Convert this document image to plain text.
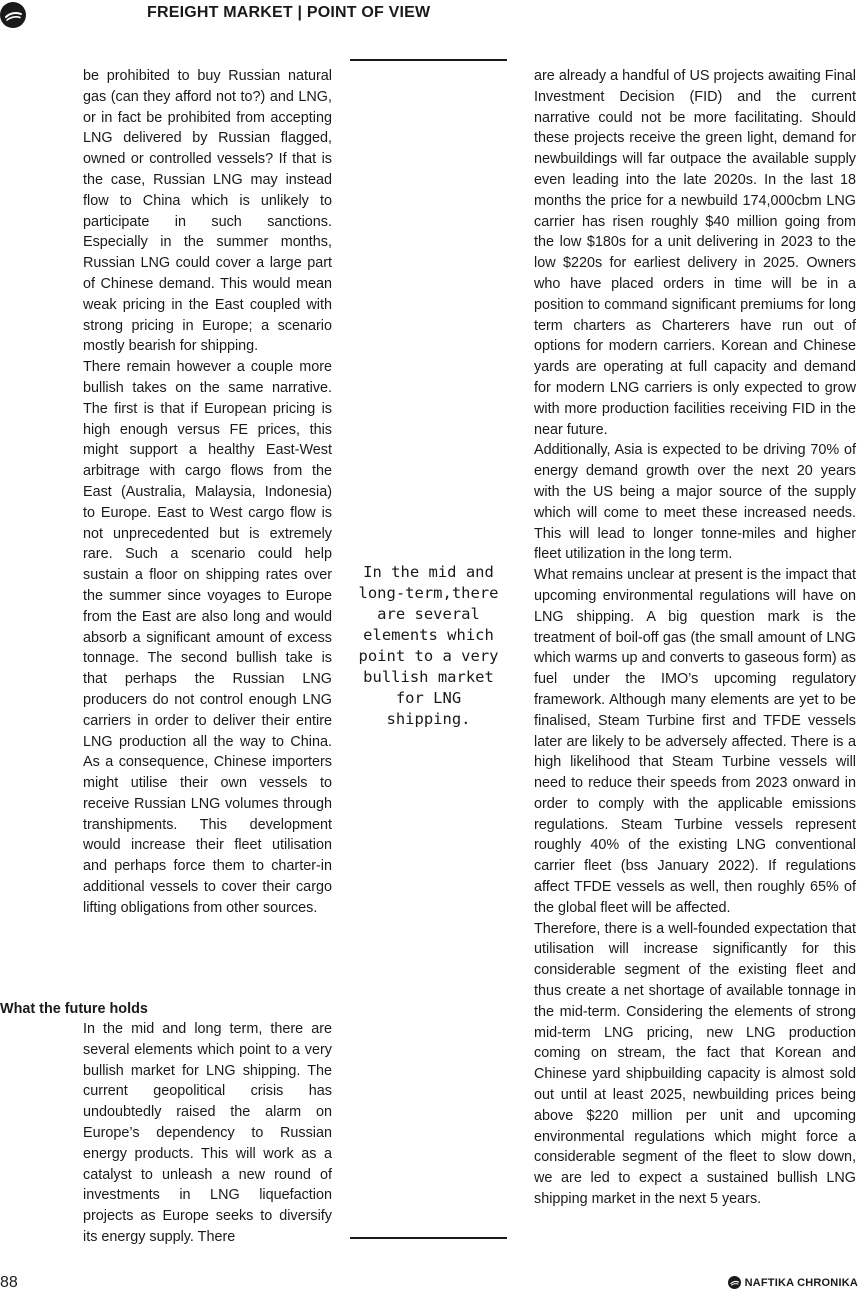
FREIGHT MARKET | POINT OF VIEW

be prohibited to buy Russian natural gas (can they afford not to?) and LNG, or in fact be prohibited from accepting LNG delivered by Russian flagged, owned or controlled vessels? If that is the case, Russian LNG may instead flow to China which is unlikely to participate in such sanctions. Especially in the summer months, Russian LNG could cover a large part of Chinese demand. This would mean weak pricing in the East coupled with strong pricing in Europe; a scenario mostly bearish for shipping.

There remain however a couple more bullish takes on the same narrative. The first is that if European pricing is high enough versus FE prices, this might support a healthy East-West arbitrage with cargo flows from the East (Australia, Malaysia, Indonesia) to Europe. East to West cargo flow is not unprecedented but is extremely rare. Such a scenario could help sustain a floor on shipping rates over the summer since voyages to Europe from the East are also long and would absorb a significant amount of excess tonnage. The second bullish take is that perhaps the Russian LNG producers do not control enough LNG carriers in order to deliver their entire LNG production all the way to China. As a consequence, Chinese importers might utilise their own vessels to receive Russian LNG volumes through transhipments. This development would increase their fleet utilisation and perhaps force them to charter-in additional vessels to cover their cargo lifting obligations from other sources.

What the future holds

In the mid and long term, there are several elements which point to a very bullish market for LNG shipping. The current geopolitical crisis has undoubtedly raised the alarm on Europe’s dependency to Russian energy products. This will work as a catalyst to unleash a new round of investments in LNG liquefaction projects as Europe seeks to diversify its energy supply. There

In the mid and long-term,there are several elements which point to a very bullish market for LNG shipping.

are already a handful of US projects awaiting Final Investment Decision (FID) and the current narrative could not be more facilitating. Should these projects receive the green light, demand for newbuildings will far outpace the available supply even leading into the late 2020s. In the last 18 months the price for a newbuild 174,000cbm LNG carrier has risen roughly $40 million going from the low $180s for a unit delivering in 2023 to the low $220s for earliest delivery in 2025. Owners who have placed orders in time will be in a position to command significant premiums for long term charters as Charterers have run out of options for modern carriers. Korean and Chinese yards are operating at full capacity and demand for modern LNG carriers is only expected to grow with more production facilities receiving FID in the near future.

Additionally, Asia is expected to be driving 70% of energy demand growth over the next 20 years with the US being a major source of the supply which will come to meet these increased needs. This will lead to longer tonne-miles and higher fleet utilization in the long term.

What remains unclear at present is the impact that upcoming environmental regulations will have on LNG shipping. A big question mark is the treatment of boil-off gas (the small amount of LNG which warms up and converts to gaseous form) as fuel under the IMO’s upcoming regulatory framework. Although many elements are yet to be finalised, Steam Turbine first and TFDE vessels later are likely to be adversely affected. There is a high likelihood that Steam Turbine vessels will need to reduce their speeds from 2023 onward in order to comply with the applicable emissions regulations. Steam Turbine vessels represent roughly 40% of the existing LNG conventional carrier fleet (bss January 2022). If regulations affect TFDE vessels as well, then roughly 65% of the global fleet will be affected.

Therefore, there is a well-founded expectation that utilisation will increase significantly for this considerable segment of the existing fleet and thus create a net shortage of available tonnage in the mid-term. Considering the elements of strong mid-term LNG pricing, new LNG production coming on stream, the fact that Korean and Chinese yard shipbuilding capacity is almost sold out until at least 2025, newbuilding prices being above $220 million per unit and upcoming environmental regulations which might force a considerable segment of the fleet to slow down, we are led to expect a sustained bullish LNG shipping market in the next 5 years.

88	NAFTIKA CHRONIKA
